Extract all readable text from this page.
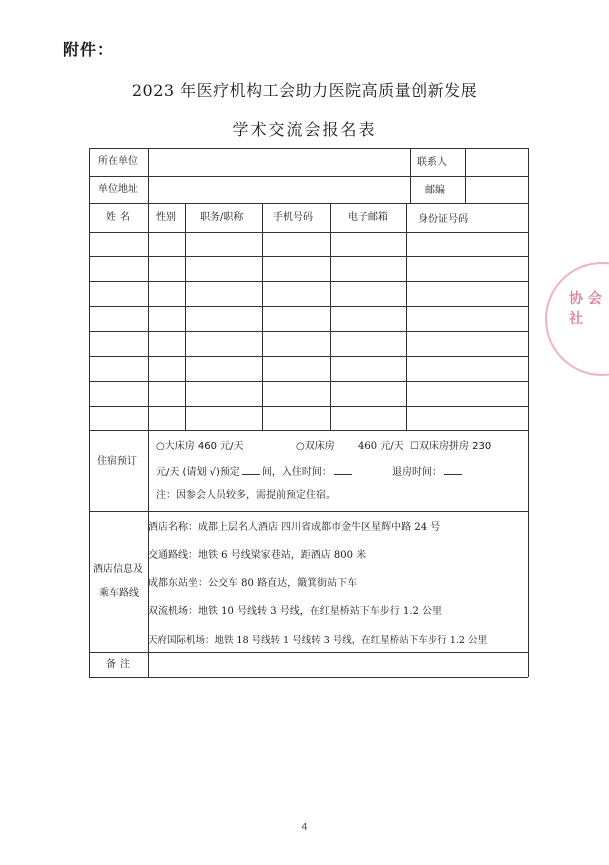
附件：
2023 年医疗机构工会助力医院高质量创新发展
学术交流会报名表
所在单位	联系人
单位地址	邮编
姓名 性别 职务/职称	手机号码	电子邮箱	身份证号码
住宿预订
○大床房 460 元/天	○双床房 460 元/天 ☐双床房拼房 230
元/天 (请划 √)预定 间，入住时间：	退房时间：
注：因参会人员较多，需提前预定住宿。
酒店信息及
乘车路线
酒店名称：成都上层名人酒店 四川省成都市金牛区星辉中路 24 号
交通路线：地铁 6 号线梁家巷站，距酒店 800 米
成都东站坐：公交车 80 路直达，簸箕街站下车
双流机场：地铁 10 号线转 3 号线，在红星桥站下车步行 1.2 公里
天府国际机场：地铁 18 号线转 1 号线转 3 号线，在红星桥站下车步行 1.2 公里
备注
协 会 社
4
